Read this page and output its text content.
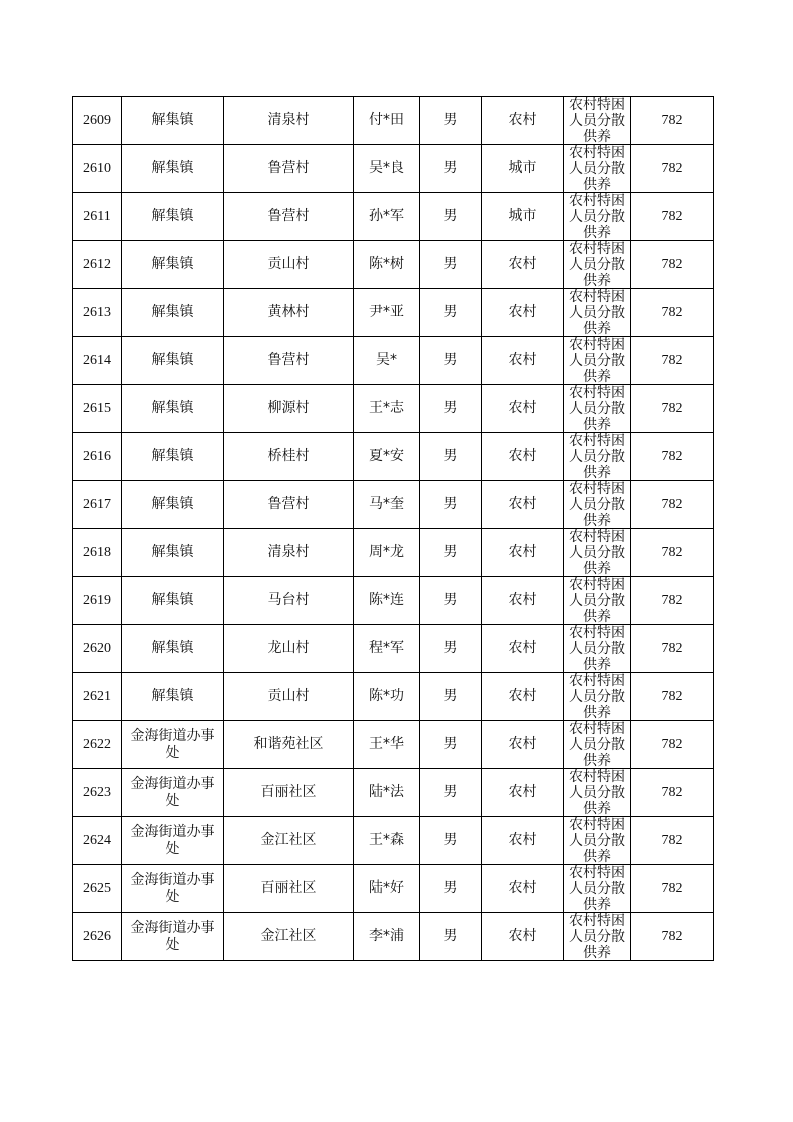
2609	解集镇	清泉村	付*田	男	农村	农村特困人员分散供养	782
2610	解集镇	鲁营村	吴*良	男	城市	农村特困人员分散供养	782
2611	解集镇	鲁营村	孙*军	男	城市	农村特困人员分散供养	782
2612	解集镇	贡山村	陈*树	男	农村	农村特困人员分散供养	782
2613	解集镇	黄林村	尹*亚	男	农村	农村特困人员分散供养	782
2614	解集镇	鲁营村	吴*	男	农村	农村特困人员分散供养	782
2615	解集镇	柳源村	王*志	男	农村	农村特困人员分散供养	782
2616	解集镇	桥桂村	夏*安	男	农村	农村特困人员分散供养	782
2617	解集镇	鲁营村	马*奎	男	农村	农村特困人员分散供养	782
2618	解集镇	清泉村	周*龙	男	农村	农村特困人员分散供养	782
2619	解集镇	马台村	陈*连	男	农村	农村特困人员分散供养	782
2620	解集镇	龙山村	程*军	男	农村	农村特困人员分散供养	782
2621	解集镇	贡山村	陈*功	男	农村	农村特困人员分散供养	782
2622	金海街道办事处	和谐苑社区	王*华	男	农村	农村特困人员分散供养	782
2623	金海街道办事处	百丽社区	陆*法	男	农村	农村特困人员分散供养	782
2624	金海街道办事处	金江社区	王*森	男	农村	农村特困人员分散供养	782
2625	金海街道办事处	百丽社区	陆*好	男	农村	农村特困人员分散供养	782
2626	金海街道办事处	金江社区	李*浦	男	农村	农村特困人员分散供养	782
